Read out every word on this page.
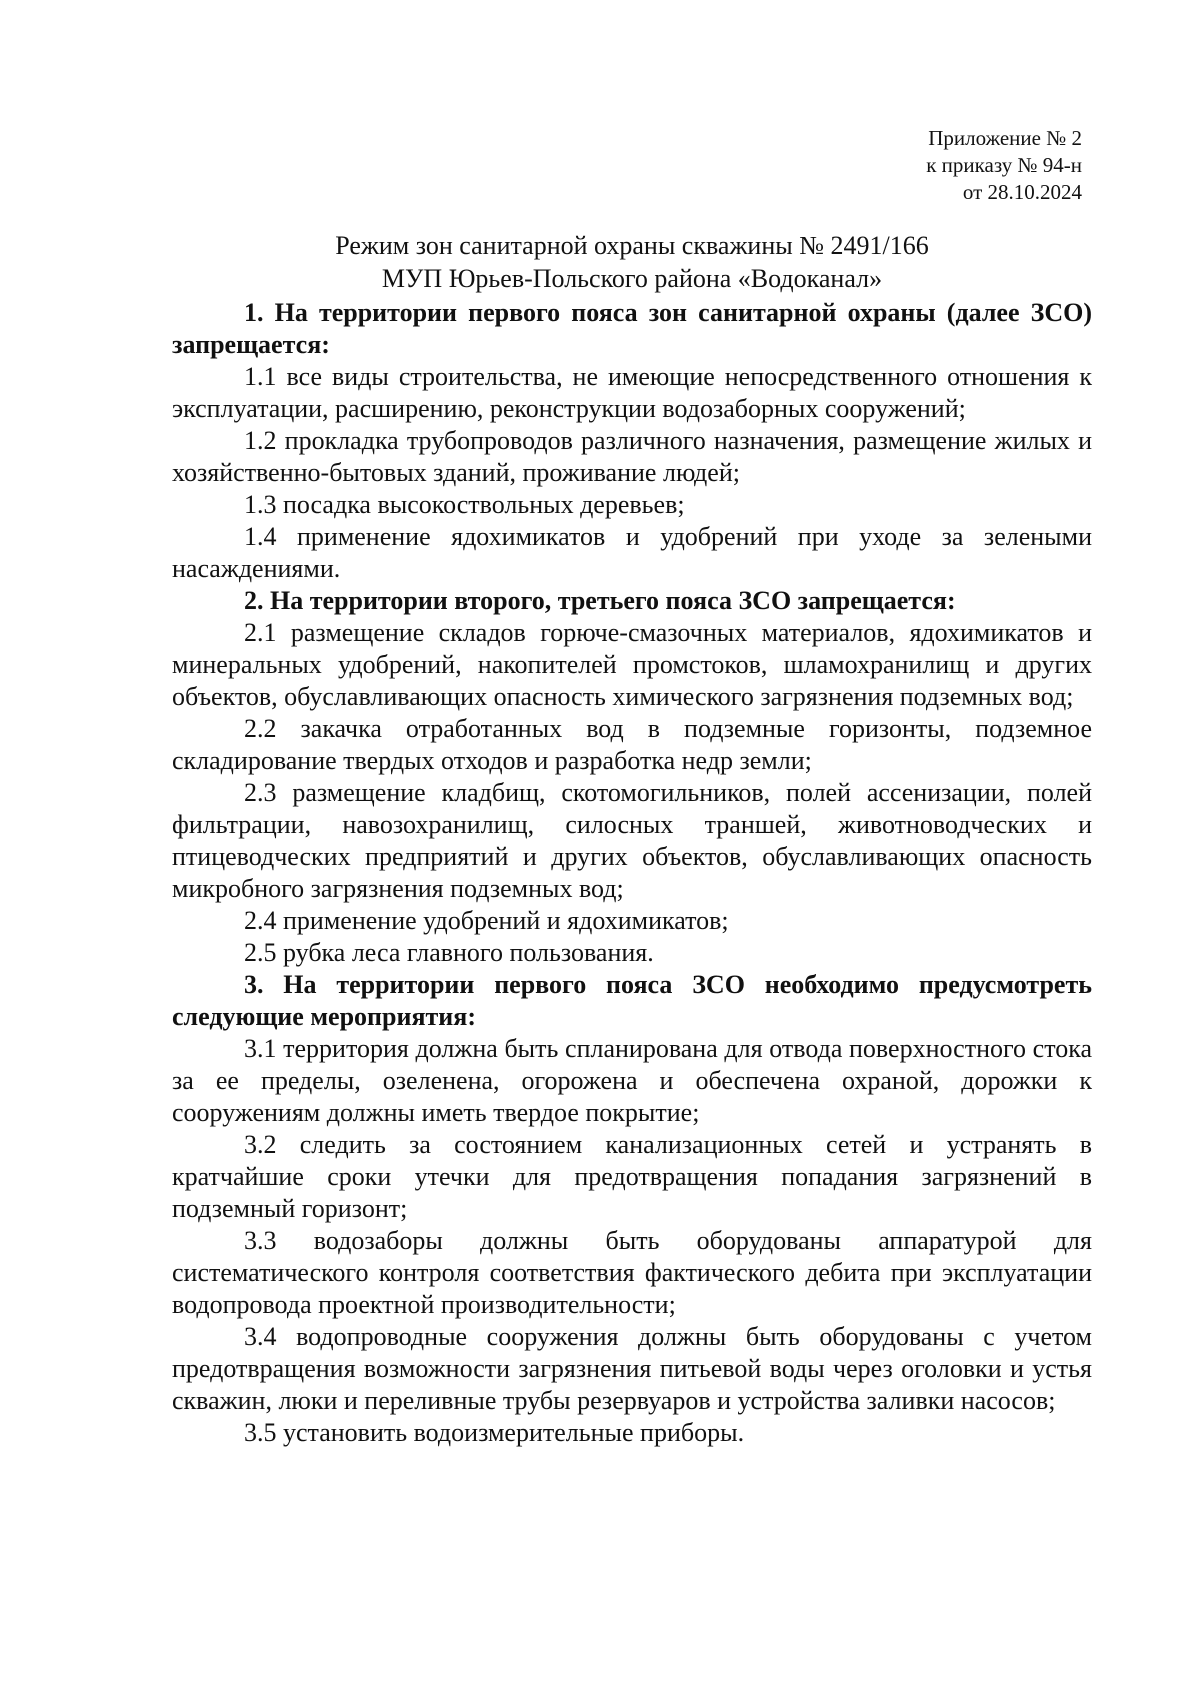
Приложение № 2
к приказу № 94-н
от 28.10.2024
Режим зон санитарной охраны скважины № 2491/166
МУП Юрьев-Польского района «Водоканал»

1. На территории первого пояса зон санитарной охраны (далее ЗСО) запрещается:

1.1 все виды строительства, не имеющие непосредственного отношения к эксплуатации, расширению, реконструкции водозаборных сооружений;

1.2 прокладка трубопроводов различного назначения, размещение жилых и хозяйственно-бытовых зданий, проживание людей;

1.3 посадка высокоствольных деревьев;

1.4 применение ядохимикатов и удобрений при уходе за зелеными насаждениями.

2. На территории второго, третьего пояса ЗСО запрещается:

2.1 размещение складов горюче-смазочных материалов, ядохимикатов и минеральных удобрений, накопителей промстоков, шламохранилищ и других объектов, обуславливающих опасность химического загрязнения подземных вод;

2.2 закачка отработанных вод в подземные горизонты, подземное складирование твердых отходов и разработка недр земли;

2.3 размещение кладбищ, скотомогильников, полей ассенизации, полей фильтрации, навозохранилищ, силосных траншей, животноводческих и птицеводческих предприятий и других объектов, обуславливающих опасность микробного загрязнения подземных вод;

2.4 применение удобрений и ядохимикатов;

2.5 рубка леса главного пользования.

3. На территории первого пояса ЗСО необходимо предусмотреть следующие мероприятия:

3.1 территория должна быть спланирована для отвода поверхностного стока за ее пределы, озеленена, огорожена и обеспечена охраной, дорожки к сооружениям должны иметь твердое покрытие;

3.2 следить за состоянием канализационных сетей и устранять в кратчайшие сроки утечки для предотвращения попадания загрязнений в подземный горизонт;

3.3 водозаборы должны быть оборудованы аппаратурой для систематического контроля соответствия фактического дебита при эксплуатации водопровода проектной производительности;

3.4 водопроводные сооружения должны быть оборудованы с учетом предотвращения возможности загрязнения питьевой воды через оголовки и устья скважин, люки и переливные трубы резервуаров и устройства заливки насосов;

3.5 установить водоизмерительные приборы.
